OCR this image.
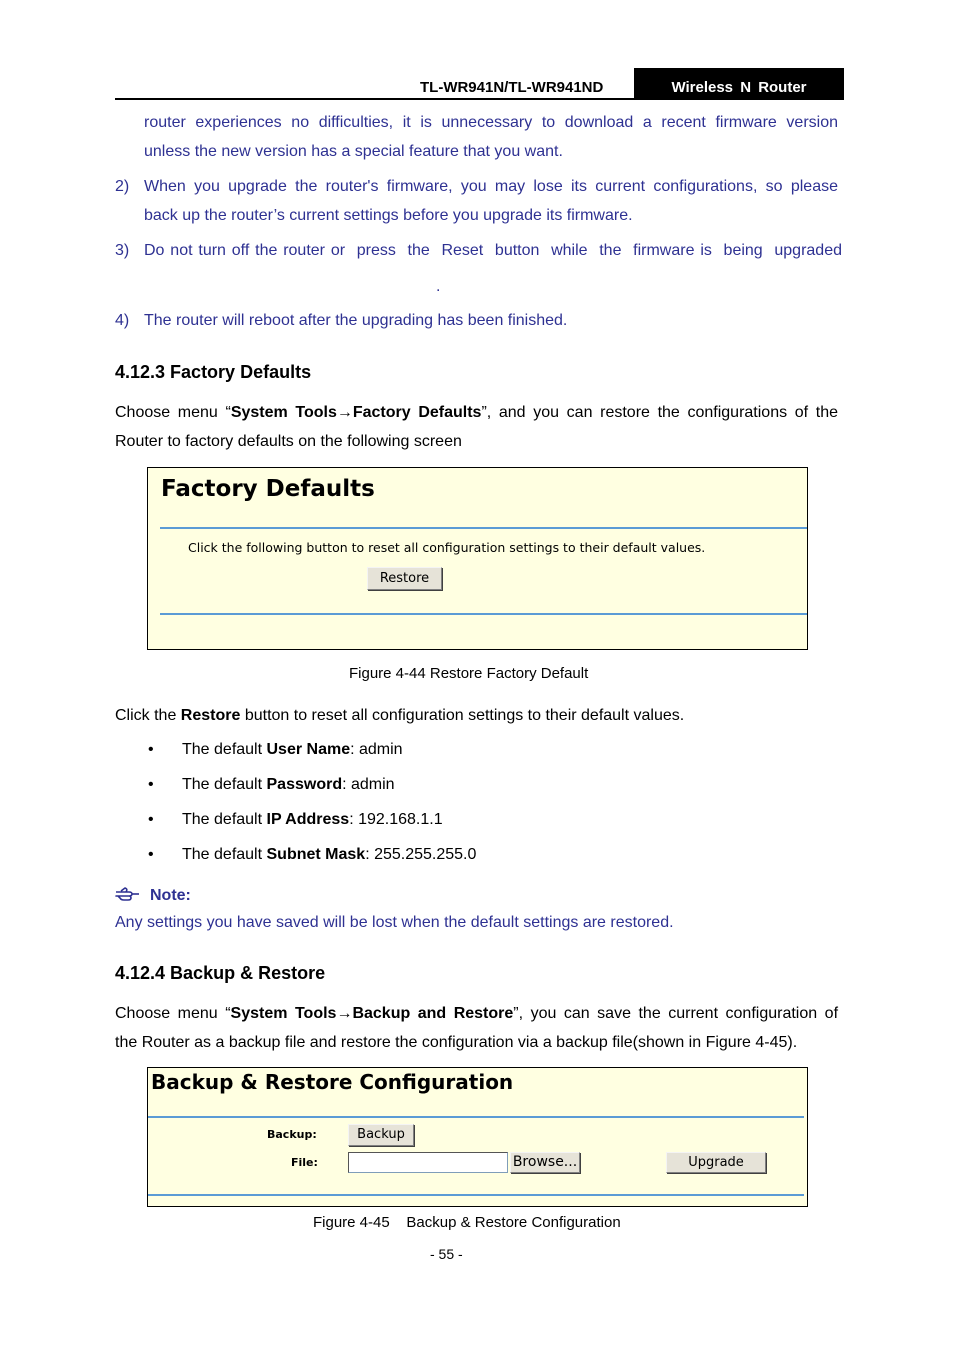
TL-WR941N/TL-WR941ND	Wireless N Router
router experiences no difficulties, it is unnecessary to download a recent firmware version
unless the new version has a special feature that you want.
2) When you upgrade the router's firmware, you may lose its current configurations, so please
back up the router’s current settings before you upgrade its firmware.
3) Do not turn off the router or  press  the  Reset  button  while  the  firmware is  being  upgraded
.
4) The router will reboot after the upgrading has been finished.
4.12.3 Factory Defaults
Choose menu “System Tools→Factory Defaults”, and you can restore the configurations of the
Router to factory defaults on the following screen
Factory Defaults
Click the following button to reset all configuration settings to their default values.
Restore
Figure 4-44 Restore Factory Default
Click the Restore button to reset all configuration settings to their default values.
• The default User Name: admin
• The default Password: admin
• The default IP Address: 192.168.1.1
• The default Subnet Mask: 255.255.255.0
Note:
Any settings you have saved will be lost when the default settings are restored.
4.12.4 Backup & Restore
Choose menu “System Tools→Backup and Restore”, you can save the current configuration of
the Router as a backup file and restore the configuration via a backup file(shown in Figure 4-45).
Backup & Restore Configuration
Backup:	Backup
File:	Browse...	Upgrade
Figure 4-45    Backup & Restore Configuration
- 55 -
